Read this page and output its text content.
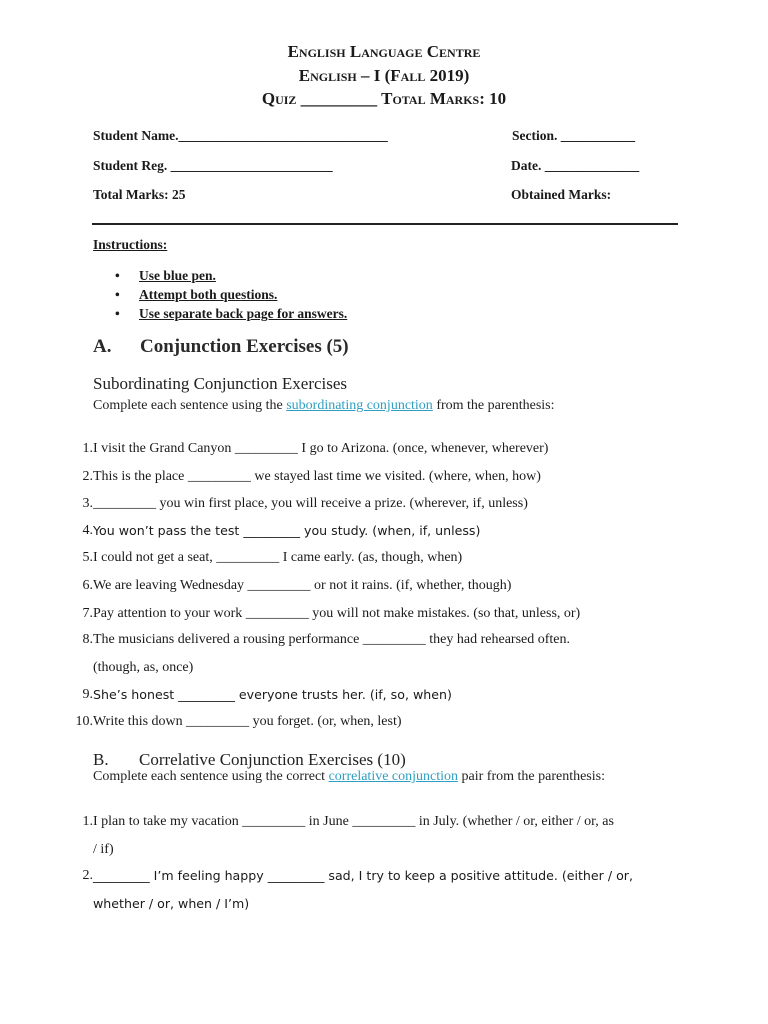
English Language Centre
English – I (Fall 2019)
Quiz _________ Total Marks: 10
Student Name._______________________________	Section. ___________
Student Reg. ________________________	Date. ______________
Total Marks: 25	Obtained Marks:
Instructions:
• Use blue pen.
• Attempt both questions.
• Use separate back page for answers.
A. Conjunction Exercises (5)
Subordinating Conjunction Exercises
Complete each sentence using the subordinating conjunction from the parenthesis:
1. I visit the Grand Canyon _________ I go to Arizona. (once, whenever, wherever)
2. This is the place _________ we stayed last time we visited. (where, when, how)
3. _________ you win first place, you will receive a prize. (wherever, if, unless)
4. You won’t pass the test _________ you study. (when, if, unless)
5. I could not get a seat, _________ I came early. (as, though, when)
6. We are leaving Wednesday _________ or not it rains. (if, whether, though)
7. Pay attention to your work _________ you will not make mistakes. (so that, unless, or)
8. The musicians delivered a rousing performance _________ they had rehearsed often.
(though, as, once)
9. She’s honest _________ everyone trusts her. (if, so, when)
10. Write this down _________ you forget. (or, when, lest)
B. Correlative Conjunction Exercises (10)
Complete each sentence using the correct correlative conjunction pair from the parenthesis:
1. I plan to take my vacation _________ in June _________ in July. (whether / or, either / or, as
/ if)
2. _________ I’m feeling happy _________ sad, I try to keep a positive attitude. (either / or,
whether / or, when / I’m)
